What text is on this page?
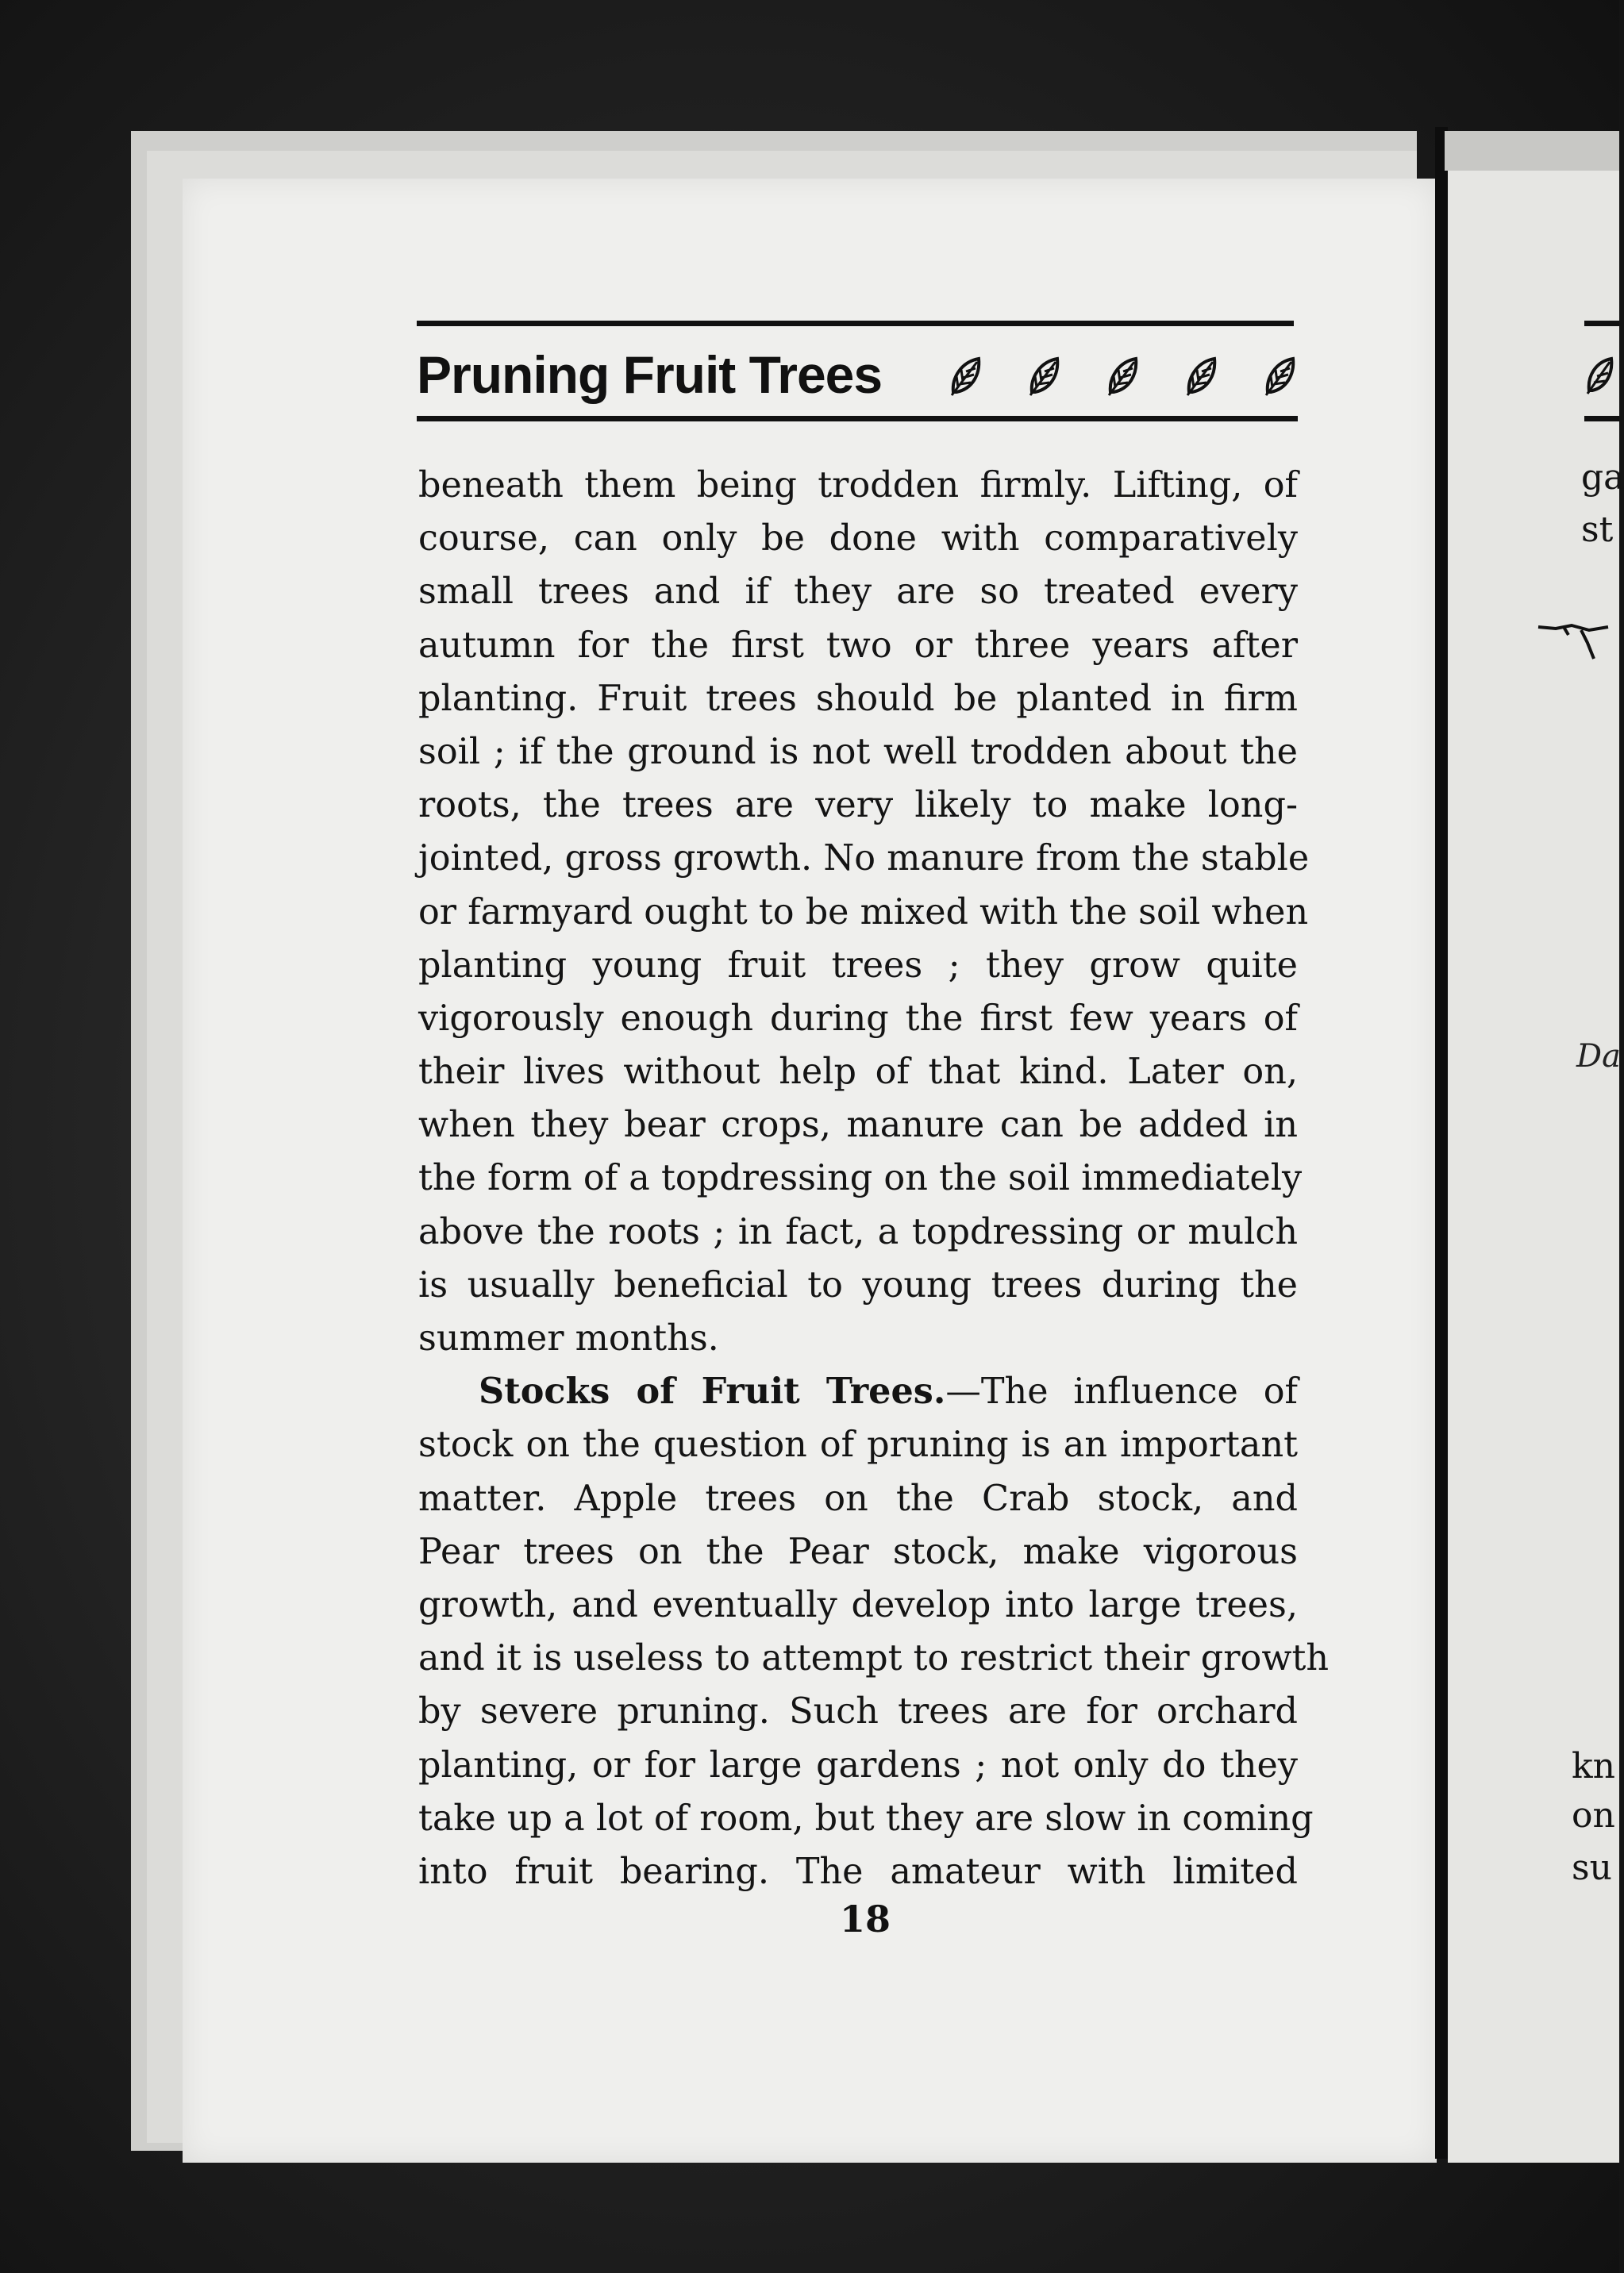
Pruning Fruit Trees
beneath them being trodden firmly. Lifting, of
course, can only be done with comparatively
small trees and if they are so treated every
autumn for the first two or three years after
planting. Fruit trees should be planted in firm
soil ; if the ground is not well trodden about the
roots, the trees are very likely to make long-
jointed, gross growth. No manure from the stable
or farmyard ought to be mixed with the soil when
planting young fruit trees ; they grow quite
vigorously enough during the first few years of
their lives without help of that kind. Later on,
when they bear crops, manure can be added in
the form of a topdressing on the soil immediately
above the roots ; in fact, a topdressing or mulch
is usually beneficial to young trees during the
summer months.
Stocks of Fruit Trees.—The influence of
stock on the question of pruning is an important
matter. Apple trees on the Crab stock, and
Pear trees on the Pear stock, make vigorous
growth, and eventually develop into large trees,
and it is useless to attempt to restrict their growth
by severe pruning. Such trees are for orchard
planting, or for large gardens ; not only do they
take up a lot of room, but they are slow in coming
into fruit bearing. The amateur with limited
18
ga
st
Da
kn
on
su
